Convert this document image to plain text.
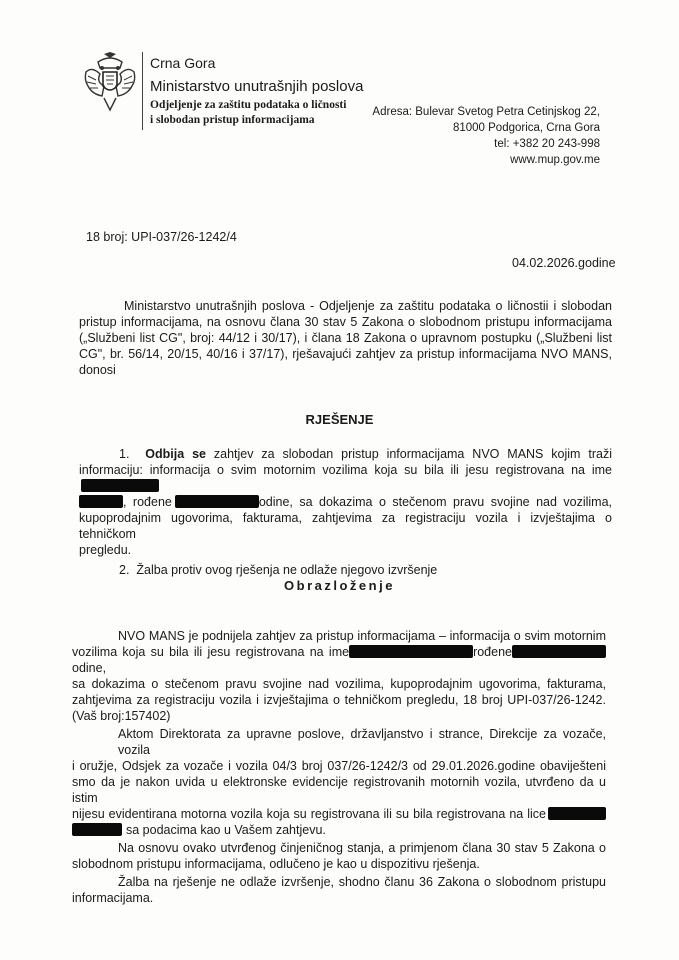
Crna Gora
Ministarstvo unutrašnjih poslova
Odjeljenje za zaštitu podataka o ličnosti
i slobodan pristup informacijama
Adresa: Bulevar Svetog Petra Cetinjskog 22,
81000 Podgorica, Crna Gora
tel: +382 20 243-998
www.mup.gov.me
18 broj: UPI-037/26-1242/4
04.02.2026.godine
Ministarstvo unutrašnjih poslova - Odjeljenje za zaštitu podataka o ličnostii i slobodan
pristup informacijama, na osnovu člana 30 stav 5 Zakona o slobodnom pristupu informacijama
(„Službeni list CG", broj: 44/12 i 30/17), i člana 18 Zakona o upravnom postupku („Službeni list
CG", br. 56/14, 20/15, 40/16 i 37/17), rješavajući zahtjev za pristup informacijama NVO MANS,
donosi
RJEŠENJE
1. Odbija se zahtjev za slobodan pristup informacijama NVO MANS kojim traži
informaciju: informacija o svim motornim vozilima koja su bila ili jesu registrovana na ime
, rođene	odine, sa dokazima o stečenom pravu svojine nad vozilima,
kupoprodajnim ugovorima, fakturama, zahtjevima za registraciju vozila i izvještajima o tehničkom
pregledu.
2. Žalba protiv ovog rješenja ne odlaže njegovo izvršenje
Obrazloženje
NVO MANS je podnijela zahtjev za pristup informacijama – informacija o svim motornim
vozilima koja su bila ili jesu registrovana na ime	rođeneodine,
sa dokazima o stečenom pravu svojine nad vozilima, kupoprodajnim ugovorima, fakturama,
zahtjevima za registraciju vozila i izvještajima o tehničkom pregledu, 18 broj UPI-037/26-1242.
(Vaš broj:157402)
Aktom Direktorata za upravne poslove, državljanstvo i strance, Direkcije za vozače, vozila
i oružje, Odsjek za vozače i vozila 04/3 broj 037/26-1242/3 od 29.01.2026.godine obaviješteni
smo da je nakon uvida u elektronske evidencije registrovanih motornih vozila, utvrđeno da u istim
nijesu evidentirana motorna vozila koja su registrovana ili su bila registrovana na lice
sa podacima kao u Vašem zahtjevu.
Na osnovu ovako utvrđenog činjeničnog stanja, a primjenom člana 30 stav 5 Zakona o
slobodnom pristupu informacijama, odlučeno je kao u dispozitivu rješenja.
Žalba na rješenje ne odlaže izvršenje, shodno članu 36 Zakona o slobodnom pristupu
informacijama.
